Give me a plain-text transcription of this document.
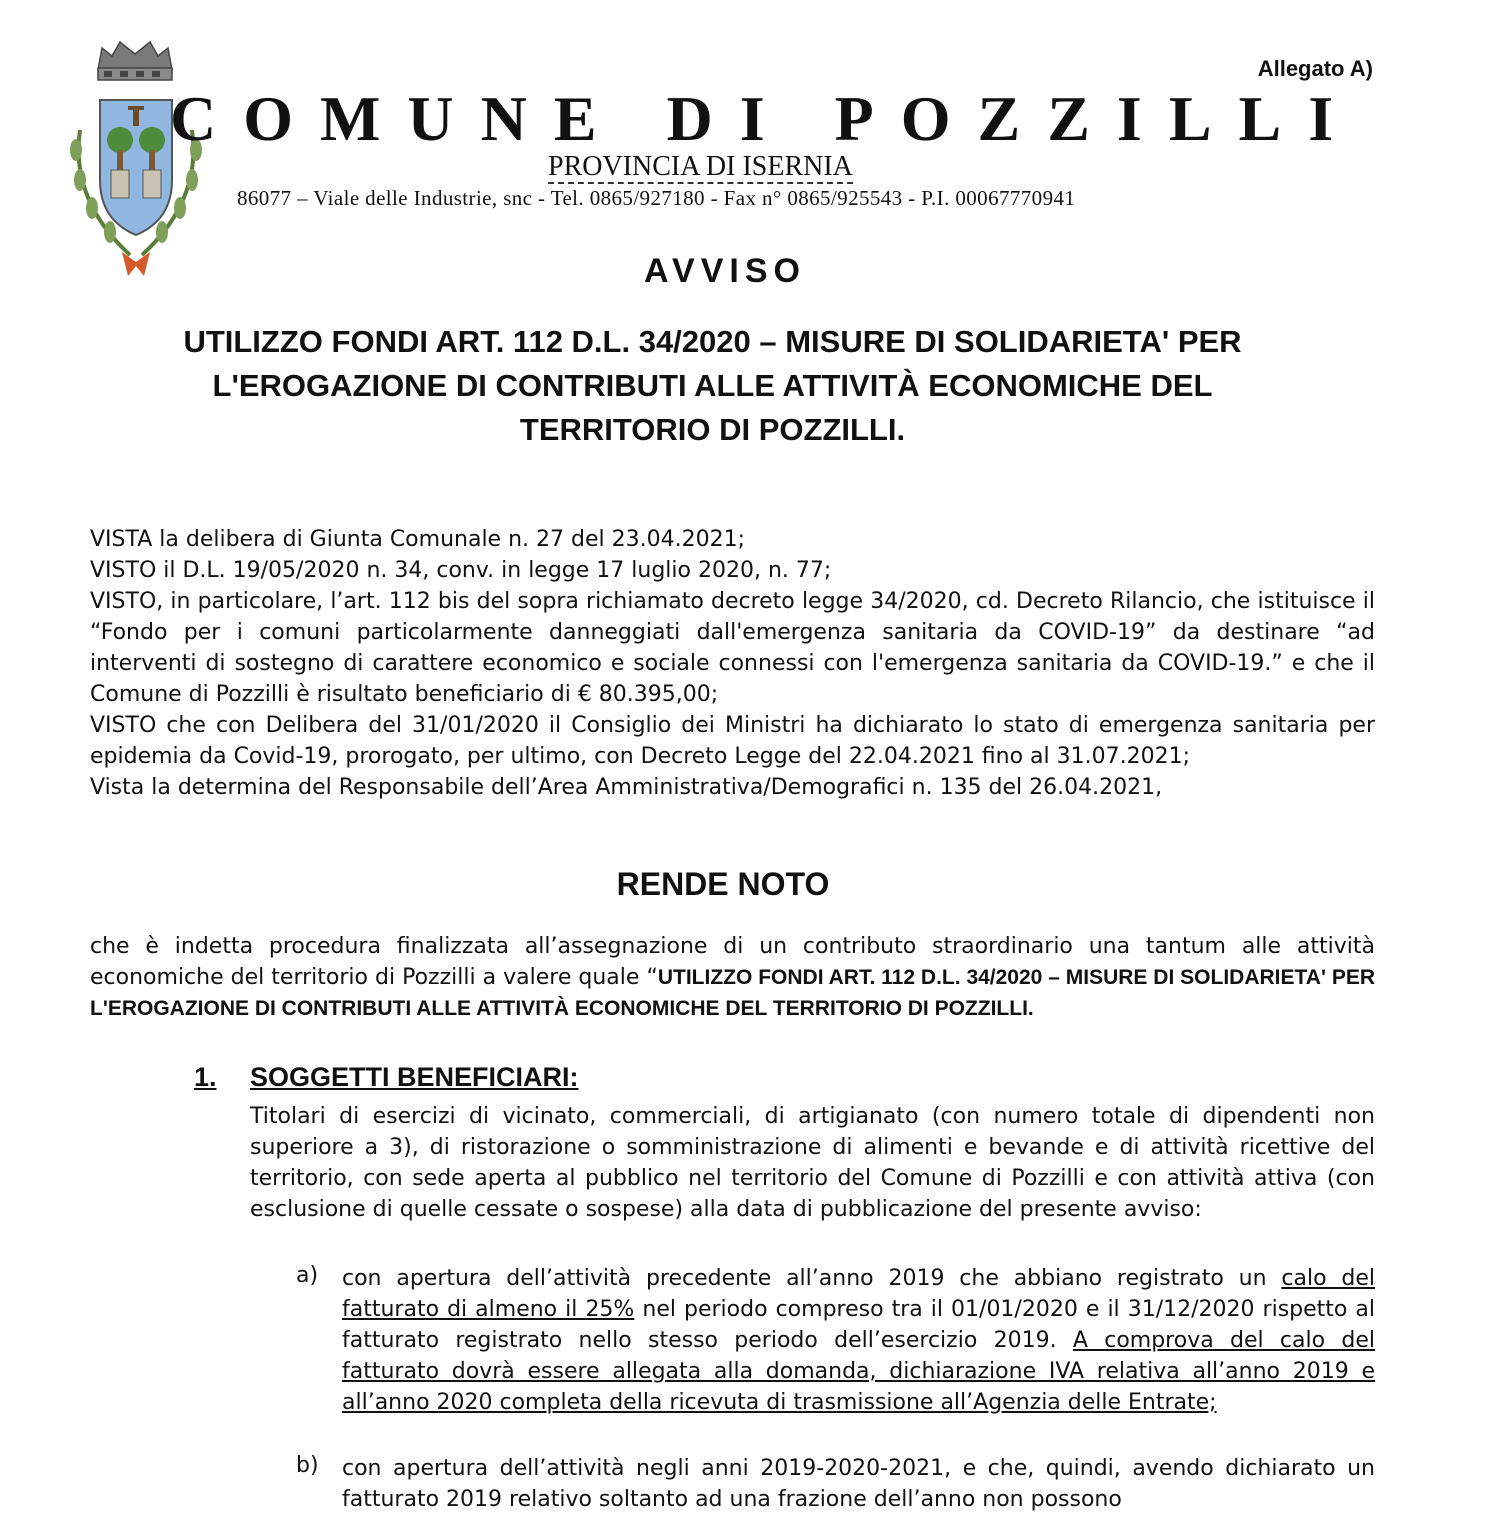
Allegato A)
COMUNE DI POZZILLI
PROVINCIA DI ISERNIA
86077 – Viale delle Industrie, snc - Tel. 0865/927180 - Fax n° 0865/925543 - P.I. 00067770941
AVVISO
UTILIZZO FONDI ART. 112 D.L. 34/2020 – MISURE DI SOLIDARIETA' PER
L'EROGAZIONE DI CONTRIBUTI ALLE ATTIVITÀ ECONOMICHE DEL
TERRITORIO DI POZZILLI.

VISTA la delibera di Giunta Comunale n. 27 del 23.04.2021;

VISTO il D.L. 19/05/2020 n. 34, conv. in legge 17 luglio 2020, n. 77;

VISTO, in particolare, l’art. 112 bis del sopra richiamato decreto legge 34/2020, cd. Decreto Rilancio, che istituisce il “Fondo per i comuni particolarmente danneggiati dall'emergenza sanitaria da COVID-19” da destinare “ad interventi di sostegno di carattere economico e sociale connessi con l'emergenza sanitaria da COVID-19.” e che il Comune di Pozzilli è risultato beneficiario di € 80.395,00;

VISTO che con Delibera del 31/01/2020 il Consiglio dei Ministri ha dichiarato lo stato di emergenza sanitaria per epidemia da Covid-19, prorogato, per ultimo, con Decreto Legge del 22.04.2021 fino al 31.07.2021;

Vista la determina del Responsabile dell’Area Amministrativa/Demografici n. 135 del 26.04.2021,

RENDE NOTO
che è indetta procedura finalizzata all’assegnazione di un contributo straordinario una tantum alle attività economiche del territorio di Pozzilli a valere quale “UTILIZZO FONDI ART. 112 D.L. 34/2020 – MISURE DI SOLIDARIETA' PER L'EROGAZIONE DI CONTRIBUTI ALLE ATTIVITÀ ECONOMICHE DEL TERRITORIO DI POZZILLI.
1. SOGGETTI BENEFICIARI:
Titolari di esercizi di vicinato, commerciali, di artigianato (con numero totale di dipendenti non superiore a 3), di ristorazione o somministrazione di alimenti e bevande e di attività ricettive del territorio, con sede aperta al pubblico nel territorio del Comune di Pozzilli e con attività attiva (con esclusione di quelle cessate o sospese) alla data di pubblicazione del presente avviso:
a) con apertura dell’attività precedente all’anno 2019 che abbiano registrato un calo del fatturato di almeno il 25% nel periodo compreso tra il 01/01/2020 e il 31/12/2020 rispetto al fatturato registrato nello stesso periodo dell’esercizio 2019. A comprova del calo del fatturato dovrà essere allegata alla domanda, dichiarazione IVA relativa all’anno 2019 e all’anno 2020 completa della ricevuta di trasmissione all’Agenzia delle Entrate;
b) con apertura dell’attività negli anni 2019-2020-2021, e che, quindi, avendo dichiarato un fatturato 2019 relativo soltanto ad una frazione dell’anno non possono
